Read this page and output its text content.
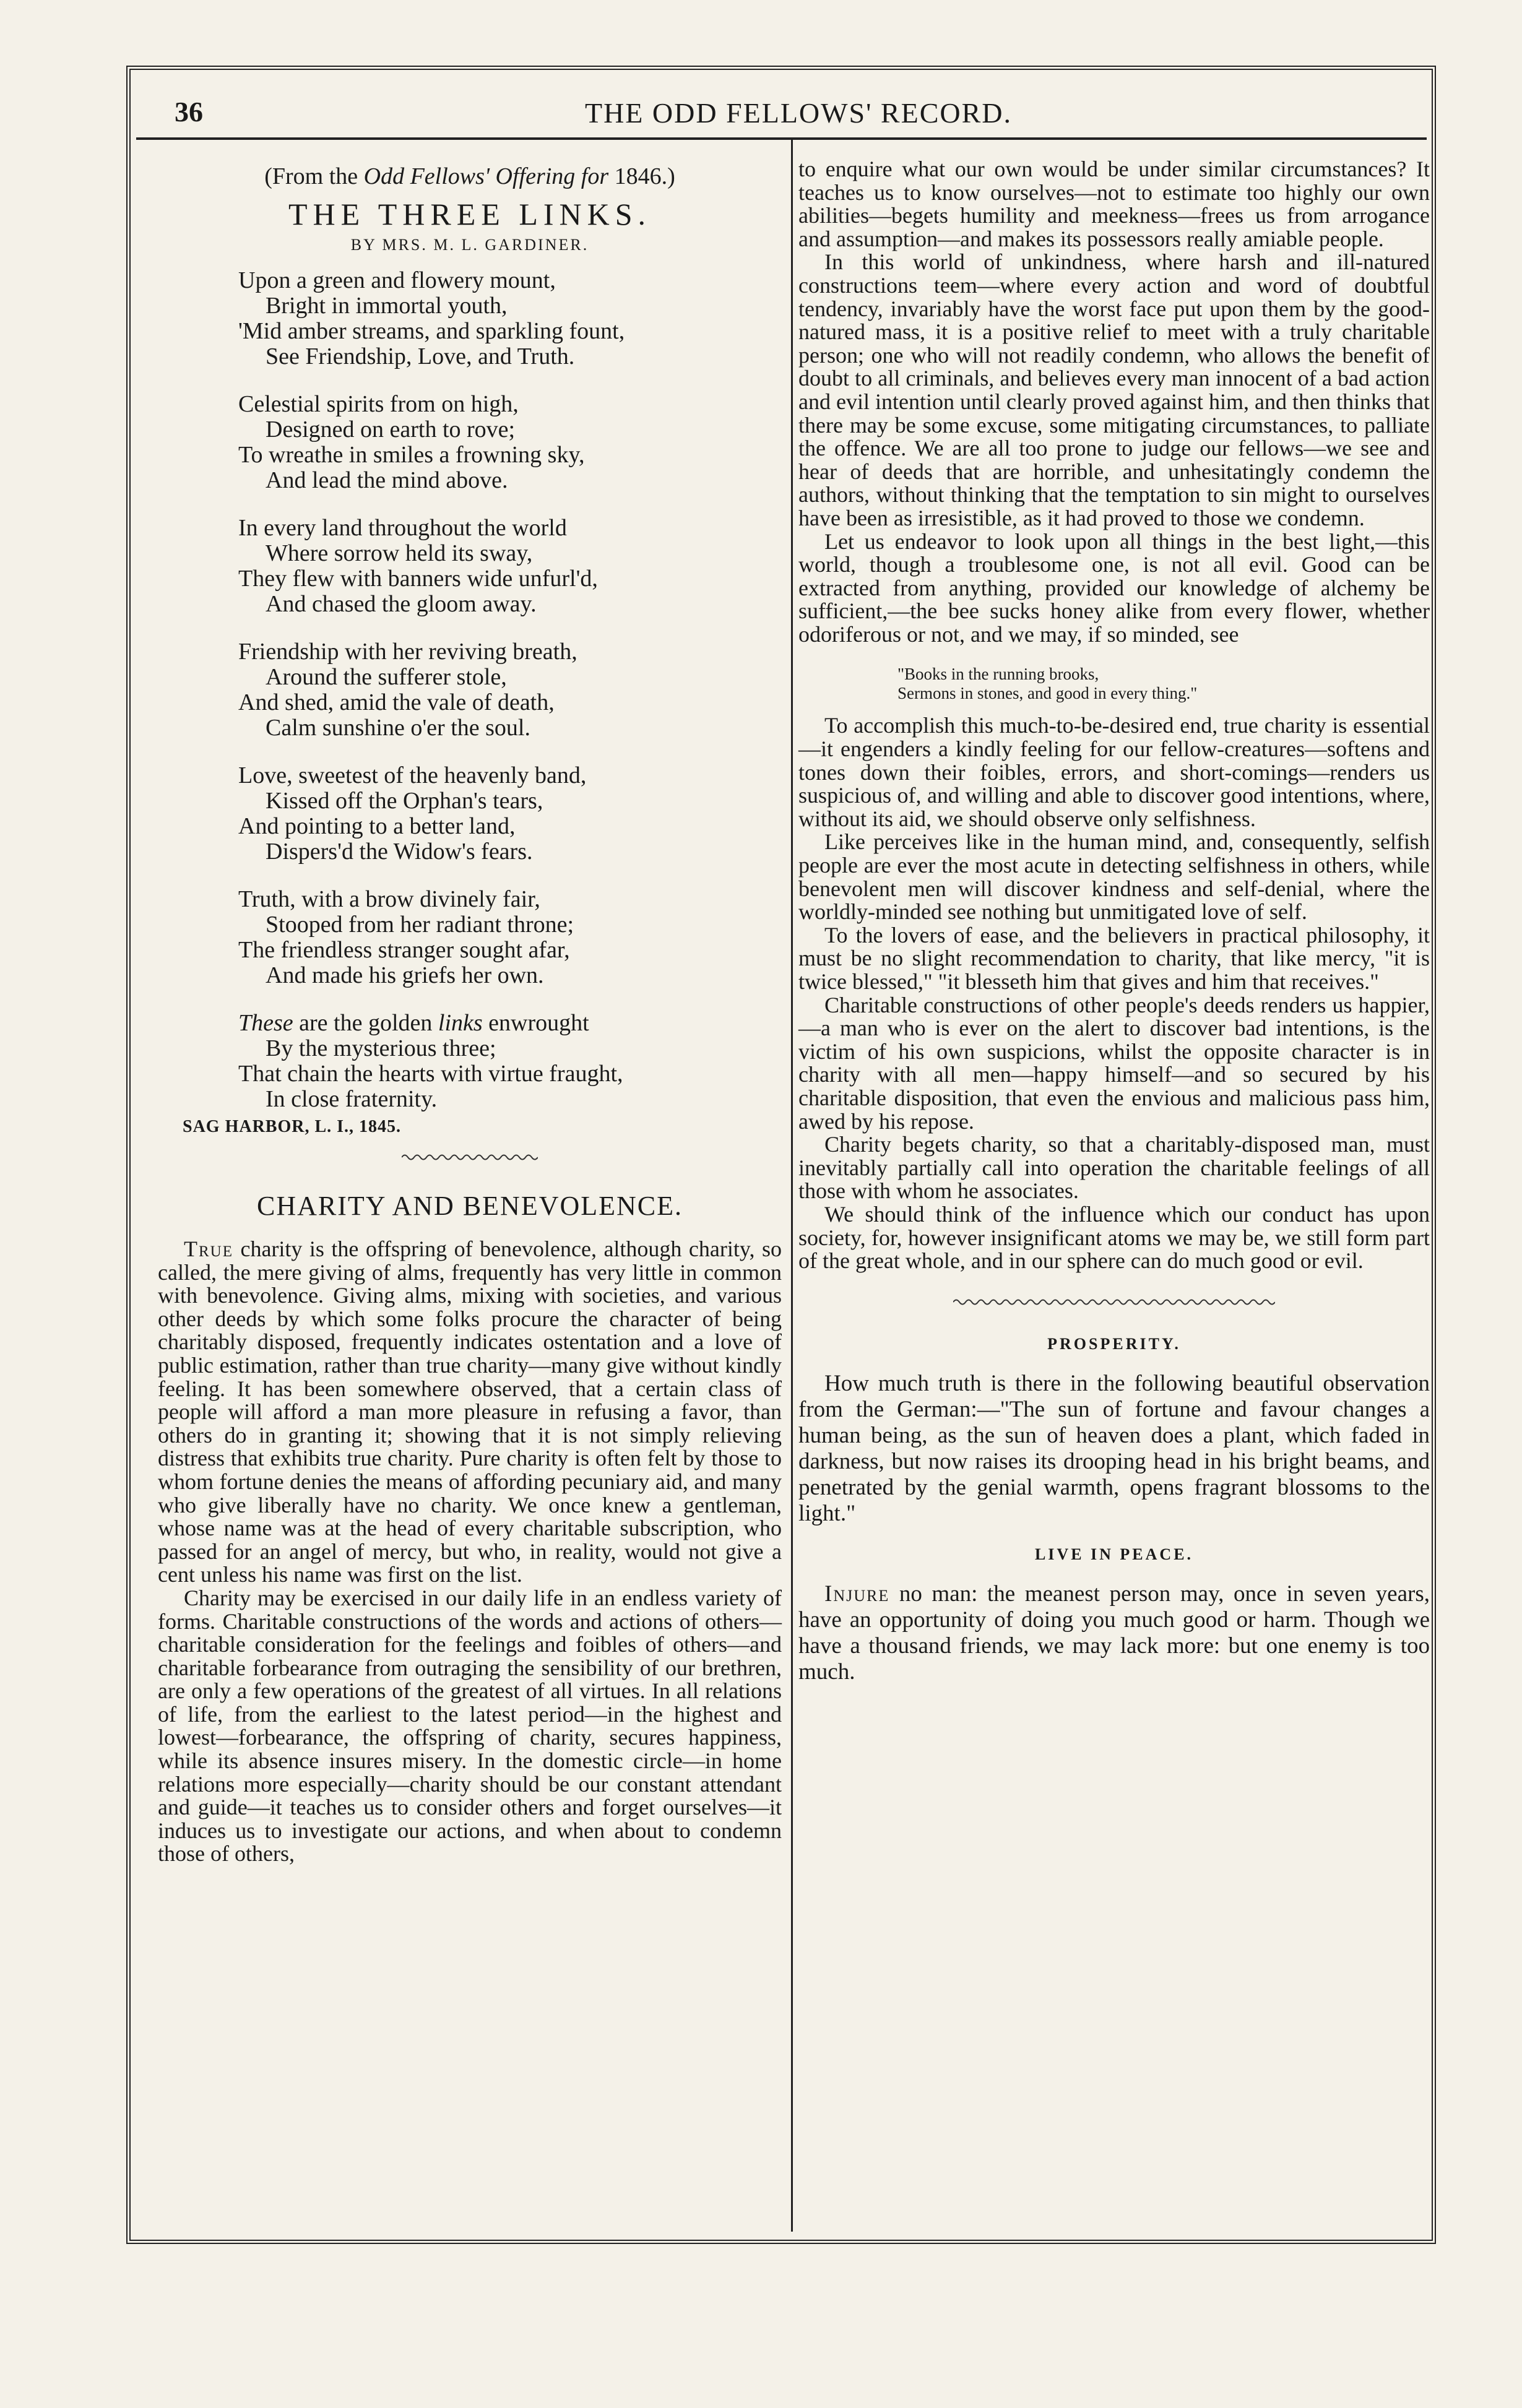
36	THE ODD FELLOWS' RECORD.
(From the Odd Fellows' Offering for 1846.)
THE THREE LINKS.
BY MRS. M. L. GARDINER.
Upon a green and flowery mount,
Bright in immortal youth,
'Mid amber streams, and sparkling fount,
See Friendship, Love, and Truth.
Celestial spirits from on high,
Designed on earth to rove;
To wreathe in smiles a frowning sky,
And lead the mind above.
In every land throughout the world
Where sorrow held its sway,
They flew with banners wide unfurl'd,
And chased the gloom away.
Friendship with her reviving breath,
Around the sufferer stole,
And shed, amid the vale of death,
Calm sunshine o'er the soul.
Love, sweetest of the heavenly band,
Kissed off the Orphan's tears,
And pointing to a better land,
Dispers'd the Widow's fears.
Truth, with a brow divinely fair,
Stooped from her radiant throne;
The friendless stranger sought afar,
And made his griefs her own.
These are the golden links enwrought
By the mysterious three;
That chain the hearts with virtue fraught,
In close fraternity.
SAG HARBOR, L. I., 1845.
CHARITY AND BENEVOLENCE.

True charity is the offspring of benevolence, although charity, so called, the mere giving of alms, frequently has very little in common with benevolence. Giving alms, mixing with societies, and various other deeds by which some folks procure the character of being charitably disposed, frequently indicates ostentation and a love of public estimation, rather than true charity—many give without kindly feeling. It has been somewhere observed, that a certain class of people will afford a man more pleasure in refusing a favor, than others do in granting it; showing that it is not simply relieving distress that exhibits true charity. Pure charity is often felt by those to whom fortune denies the means of affording pecuniary aid, and many who give liberally have no charity. We once knew a gentleman, whose name was at the head of every charitable subscription, who passed for an angel of mercy, but who, in reality, would not give a cent unless his name was first on the list.

Charity may be exercised in our daily life in an endless variety of forms. Charitable constructions of the words and actions of others—charitable consideration for the feelings and foibles of others—and charitable forbearance from outraging the sensibility of our brethren, are only a few operations of the greatest of all virtues. In all relations of life, from the earliest to the latest period—in the highest and lowest—forbearance, the offspring of charity, secures happiness, while its absence insures misery. In the domestic circle—in home relations more especially—charity should be our constant attendant and guide—it teaches us to consider others and forget ourselves—it induces us to investigate our actions, and when about to condemn those of others,

to enquire what our own would be under similar circumstances? It teaches us to know ourselves—not to estimate too highly our own abilities—begets humility and meekness—frees us from arrogance and assumption—and makes its possessors really amiable people.

In this world of unkindness, where harsh and ill-natured constructions teem—where every action and word of doubtful tendency, invariably have the worst face put upon them by the good-natured mass, it is a positive relief to meet with a truly charitable person; one who will not readily condemn, who allows the benefit of doubt to all criminals, and believes every man innocent of a bad action and evil intention until clearly proved against him, and then thinks that there may be some excuse, some mitigating circumstances, to palliate the offence. We are all too prone to judge our fellows—we see and hear of deeds that are horrible, and unhesitatingly condemn the authors, without thinking that the temptation to sin might to ourselves have been as irresistible, as it had proved to those we condemn.

Let us endeavor to look upon all things in the best light,—this world, though a troublesome one, is not all evil. Good can be extracted from anything, provided our knowledge of alchemy be sufficient,—the bee sucks honey alike from every flower, whether odoriferous or not, and we may, if so minded, see

"Books in the running brooks,
Sermons in stones, and good in every thing."

To accomplish this much-to-be-desired end, true charity is essential—it engenders a kindly feeling for our fellow-creatures—softens and tones down their foibles, errors, and short-comings—renders us suspicious of, and willing and able to discover good intentions, where, without its aid, we should observe only selfishness.

Like perceives like in the human mind, and, consequently, selfish people are ever the most acute in detecting selfishness in others, while benevolent men will discover kindness and self-denial, where the worldly-minded see nothing but unmitigated love of self.

To the lovers of ease, and the believers in practical philosophy, it must be no slight recommendation to charity, that like mercy, "it is twice blessed," "it blesseth him that gives and him that receives."

Charitable constructions of other people's deeds renders us happier,—a man who is ever on the alert to discover bad intentions, is the victim of his own suspicions, whilst the opposite character is in charity with all men—happy himself—and so secured by his charitable disposition, that even the envious and malicious pass him, awed by his repose.

Charity begets charity, so that a charitably-disposed man, must inevitably partially call into operation the charitable feelings of all those with whom he associates.

We should think of the influence which our conduct has upon society, for, however insignificant atoms we may be, we still form part of the great whole, and in our sphere can do much good or evil.

PROSPERITY.

How much truth is there in the following beautiful observation from the German:—"The sun of fortune and favour changes a human being, as the sun of heaven does a plant, which faded in darkness, but now raises its drooping head in his bright beams, and penetrated by the genial warmth, opens fragrant blossoms to the light."

LIVE IN PEACE.

Injure no man: the meanest person may, once in seven years, have an opportunity of doing you much good or harm. Though we have a thousand friends, we may lack more: but one enemy is too much.
